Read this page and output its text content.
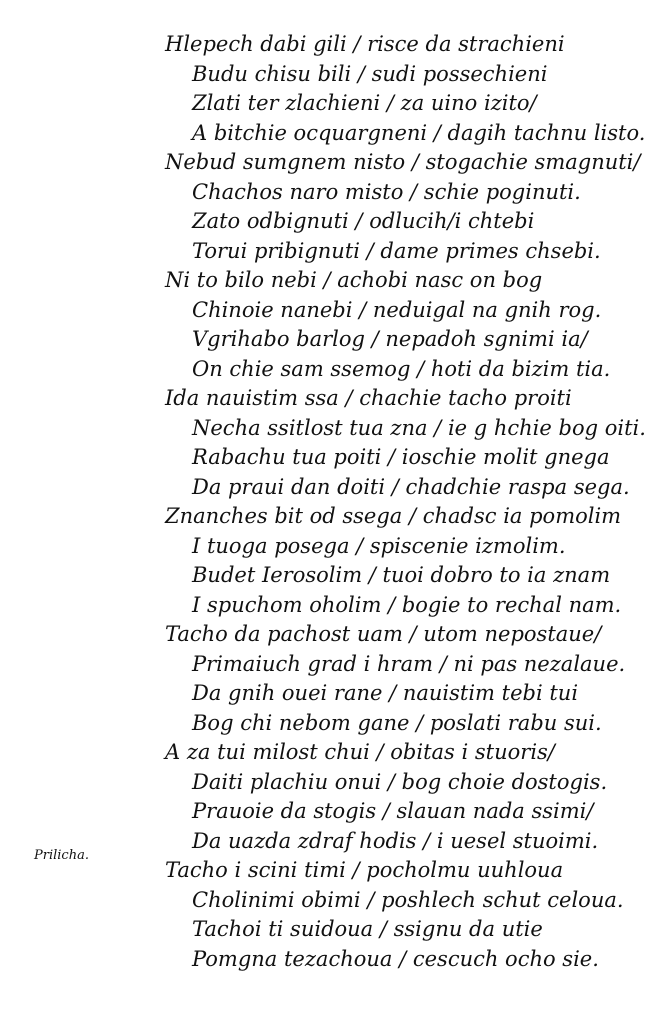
Prilicha.
Hlepech dabi gili / risce da strachieni
Budu chisu bili / sudi possechieni
Zlati ter zlachieni / za uino izito/
A bitchie ocquargneni / dagih tachnu listo.
Nebud sumgnem nisto / stogachie smagnuti/
Chachos naro misto / schie poginuti.
Zato odbignuti / odlucih/i chtebi
Torui pribignuti / dame primes chsebi.
Ni to bilo nebi / achobi nasc on bog
Chinoie nanebi / neduigal na gnih rog.
Vgrihabo barlog / nepadoh sgnimi ia/
On chie sam ssemog / hoti da bizim tia.
Ida nauistim ssa / chachie tacho proiti
Necha ssitlost tua zna / ie g hchie bog oiti.
Rabachu tua poiti / ioschie molit gnega
Da praui dan doiti / chadchie raspa sega.
Znanches bit od ssega / chadsc ia pomolim
I tuoga posega / spiscenie izmolim.
Budet Ierosolim / tuoi dobro to ia znam
I spuchom oholim / bogie to rechal nam.
Tacho da pachost uam / utom nepostaue/
Primaiuch grad i hram / ni pas nezalaue.
Da gnih ouei rane / nauistim tebi tui
Bog chi nebom gane / poslati rabu sui.
A za tui milost chui / obitas i stuoris/
Daiti plachiu onui / bog choie dostogis.
Prauoie da stogis / slauan nada ssimi/
Da uazda zdraf hodis / i uesel stuoimi.
Tacho i scini timi / pocholmu uuhloua
Cholinimi obimi / poshlech schut celoua.
Tachoi ti suidoua / ssignu da utie
Pomgna tezachoua / cescuch ocho sie.
